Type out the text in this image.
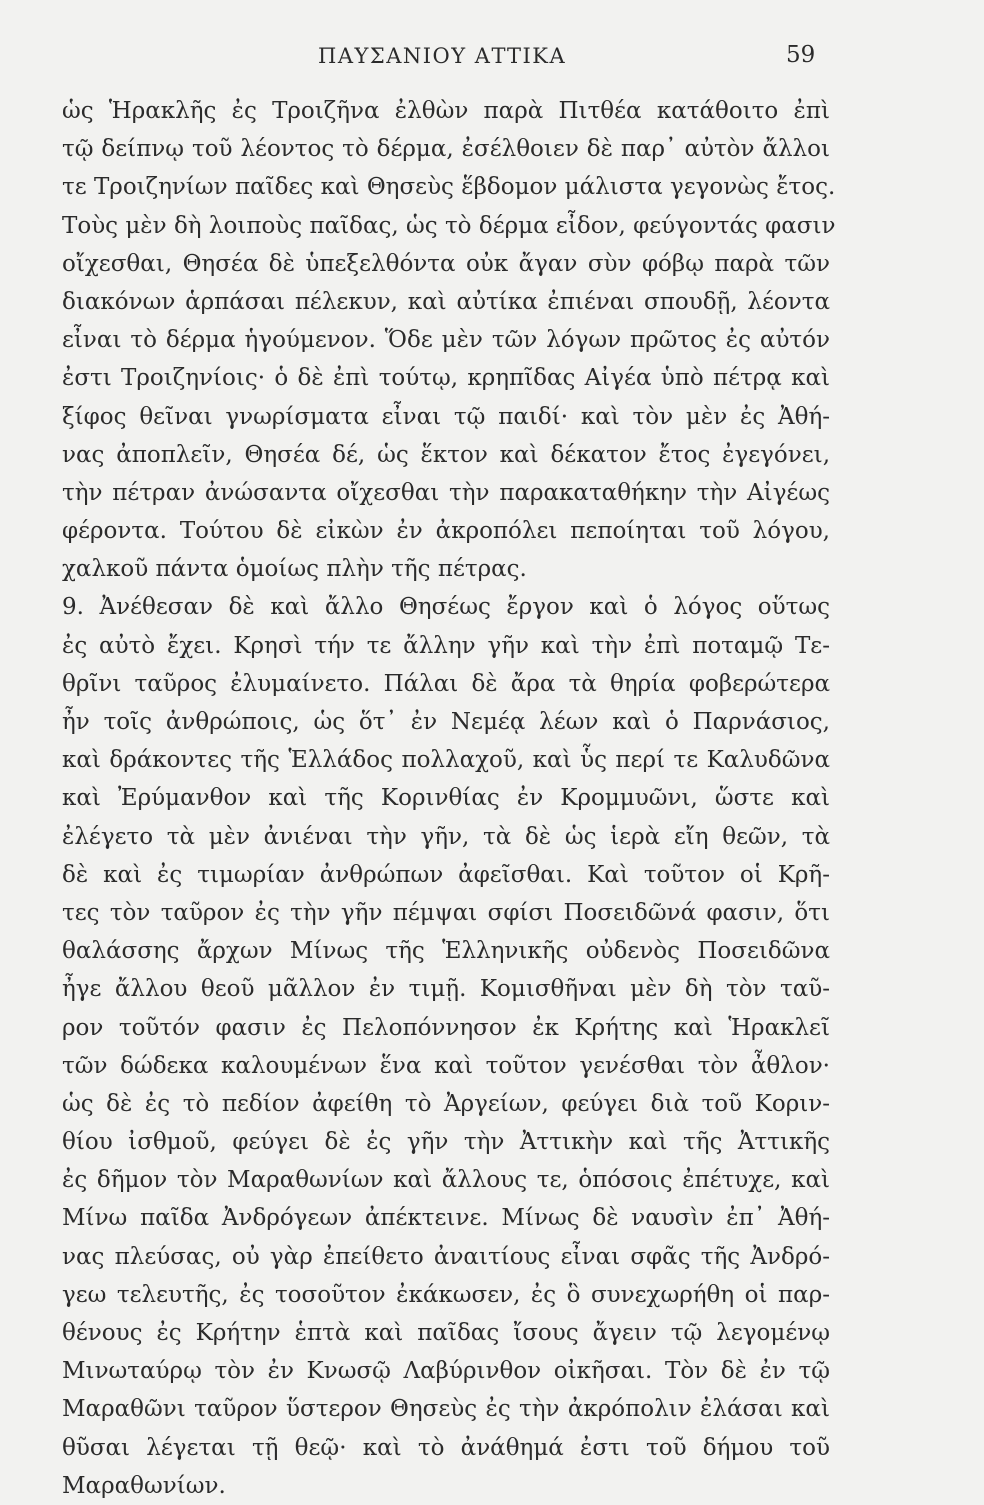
ΠΑΥΣΑΝΙΟΥ ΑΤΤΙΚΑ	59
ὡς Ἡρακλῆς ἐς Τροιζῆνα ἐλθὼν παρὰ Πιτθέα κατάθοιτο ἐπὶ
τῷ δείπνῳ τοῦ λέοντος τὸ δέρμα, ἐσέλθοιεν δὲ παρ᾽ αὐτὸν ἄλλοι
τε Τροιζηνίων παῖδες καὶ Θησεὺς ἕβδομον μάλιστα γεγονὼς ἔτος.
Τοὺς μὲν δὴ λοιποὺς παῖδας, ὡς τὸ δέρμα εἶδον, φεύγοντάς φασιν
οἴχεσθαι, Θησέα δὲ ὑπεξελθόντα οὐκ ἄγαν σὺν φόβῳ παρὰ τῶν
διακόνων ἁρπάσαι πέλεκυν, καὶ αὐτίκα ἐπιέναι σπουδῇ, λέοντα
εἶναι τὸ δέρμα ἡγούμενον. Ὅδε μὲν τῶν λόγων πρῶτος ἐς αὐτόν
ἐστι Τροιζηνίοις· ὁ δὲ ἐπὶ τούτῳ, κρηπῖδας Αἰγέα ὑπὸ πέτρᾳ καὶ
ξίφος θεῖναι γνωρίσματα εἶναι τῷ παιδί· καὶ τὸν μὲν ἐς Ἀθή-
νας ἀποπλεῖν, Θησέα δέ, ὡς ἕκτον καὶ δέκατον ἔτος ἐγεγόνει,
τὴν πέτραν ἀνώσαντα οἴχεσθαι τὴν παρακαταθήκην τὴν Αἰγέως
φέροντα. Τούτου δὲ εἰκὼν ἐν ἀκροπόλει πεποίηται τοῦ λόγου,
χαλκοῦ πάντα ὁμοίως πλὴν τῆς πέτρας.
9. Ἀνέθεσαν δὲ καὶ ἄλλο Θησέως ἔργον καὶ ὁ λόγος οὕτως
ἐς αὐτὸ ἔχει. Κρησὶ τήν τε ἄλλην γῆν καὶ τὴν ἐπὶ ποταμῷ Τε-
θρῖνι ταῦρος ἐλυμαίνετο. Πάλαι δὲ ἄρα τὰ θηρία φοβερώτερα
ἦν τοῖς ἀνθρώποις, ὡς ὅτ᾽ ἐν Νεμέᾳ λέων καὶ ὁ Παρνάσιος,
καὶ δράκοντες τῆς Ἑλλάδος πολλαχοῦ, καὶ ὗς περί τε Καλυδῶνα
καὶ Ἐρύμανθον καὶ τῆς Κορινθίας ἐν Κρομμυῶνι, ὥστε καὶ
ἐλέγετο τὰ μὲν ἀνιέναι τὴν γῆν, τὰ δὲ ὡς ἱερὰ εἴη θεῶν, τὰ
δὲ καὶ ἐς τιμωρίαν ἀνθρώπων ἀφεῖσθαι. Καὶ τοῦτον οἱ Κρῆ-
τες τὸν ταῦρον ἐς τὴν γῆν πέμψαι σφίσι Ποσειδῶνά φασιν, ὅτι
θαλάσσης ἄρχων Μίνως τῆς Ἑλληνικῆς οὐδενὸς Ποσειδῶνα
ἦγε ἄλλου θεοῦ μᾶλλον ἐν τιμῇ. Κομισθῆναι μὲν δὴ τὸν ταῦ-
ρον τοῦτόν φασιν ἐς Πελοπόννησον ἐκ Κρήτης καὶ Ἡρακλεῖ
τῶν δώδεκα καλουμένων ἕνα καὶ τοῦτον γενέσθαι τὸν ἆθλον·
ὡς δὲ ἐς τὸ πεδίον ἀφείθη τὸ Ἀργείων, φεύγει διὰ τοῦ Κοριν-
θίου ἰσθμοῦ, φεύγει δὲ ἐς γῆν τὴν Ἀττικὴν καὶ τῆς Ἀττικῆς
ἐς δῆμον τὸν Μαραθωνίων καὶ ἄλλους τε, ὁπόσοις ἐπέτυχε, καὶ
Μίνω παῖδα Ἀνδρόγεων ἀπέκτεινε. Μίνως δὲ ναυσὶν ἐπ᾽ Ἀθή-
νας πλεύσας, οὐ γὰρ ἐπείθετο ἀναιτίους εἶναι σφᾶς τῆς Ἀνδρό-
γεω τελευτῆς, ἐς τοσοῦτον ἐκάκωσεν, ἐς ὃ συνεχωρήθη οἱ παρ-
θένους ἐς Κρήτην ἑπτὰ καὶ παῖδας ἴσους ἄγειν τῷ λεγομένῳ
Μινωταύρῳ τὸν ἐν Κνωσῷ Λαβύρινθον οἰκῆσαι. Τὸν δὲ ἐν τῷ
Μαραθῶνι ταῦρον ὕστερον Θησεὺς ἐς τὴν ἀκρόπολιν ἐλάσαι καὶ
θῦσαι λέγεται τῇ θεῷ· καὶ τὸ ἀνάθημά ἐστι τοῦ δήμου τοῦ
Μαραθωνίων.
